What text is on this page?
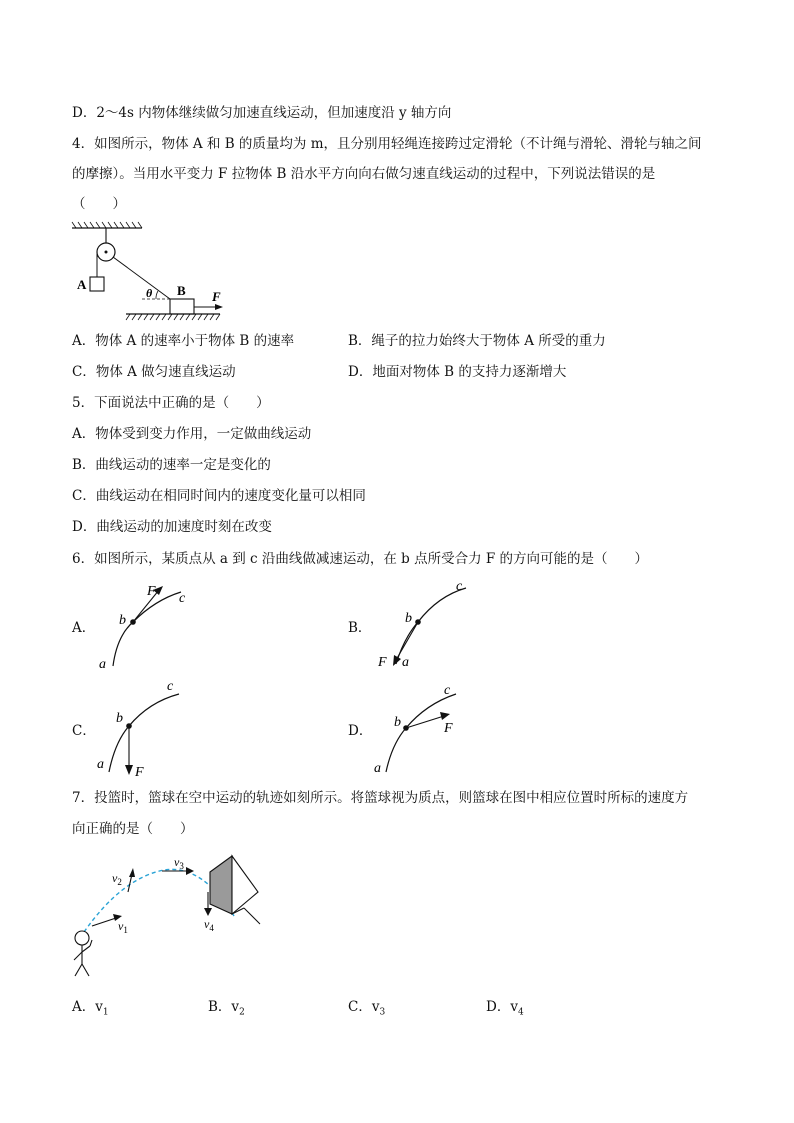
D．2～4s 内物体继续做匀加速直线运动，但加速度沿 y 轴方向
4．如图所示，物体 A 和 B 的质量均为 m，且分别用轻绳连接跨过定滑轮（不计绳与滑轮、滑轮与轴之间
的摩擦）。当用水平变力 F 拉物体 B 沿水平方向向右做匀速直线运动的过程中，下列说法错误的是
（　　）
A
θ B F
A．物体 A 的速率小于物体 B 的速率	B．绳子的拉力始终大于物体 A 所受的重力
C．物体 A 做匀速直线运动	D．地面对物体 B 的支持力逐渐增大
5．下面说法中正确的是（　　）
A．物体受到变力作用，一定做曲线运动
B．曲线运动的速率一定是变化的
C．曲线运动在相同时间内的速度变化量可以相同
D．曲线运动的加速度时刻在改变
6．如图所示，某质点从 a 到 c 沿曲线做减速运动，在 b 点所受合力 F 的方向可能的是（　　）
A．
F
b
c
a
B．
F
b
c
a
C．
F
b
c
a
D．	F
b
c
a
7．投篮时，篮球在空中运动的轨迹如刻所示。将篮球视为质点，则篮球在图中相应位置时所标的速度方
向正确的是（　　）
$v_1$
$v_2$
$v_3$
$v_4$
A．$v_1$	B．$v_2$	C．$v_3$	D．$v_4$
